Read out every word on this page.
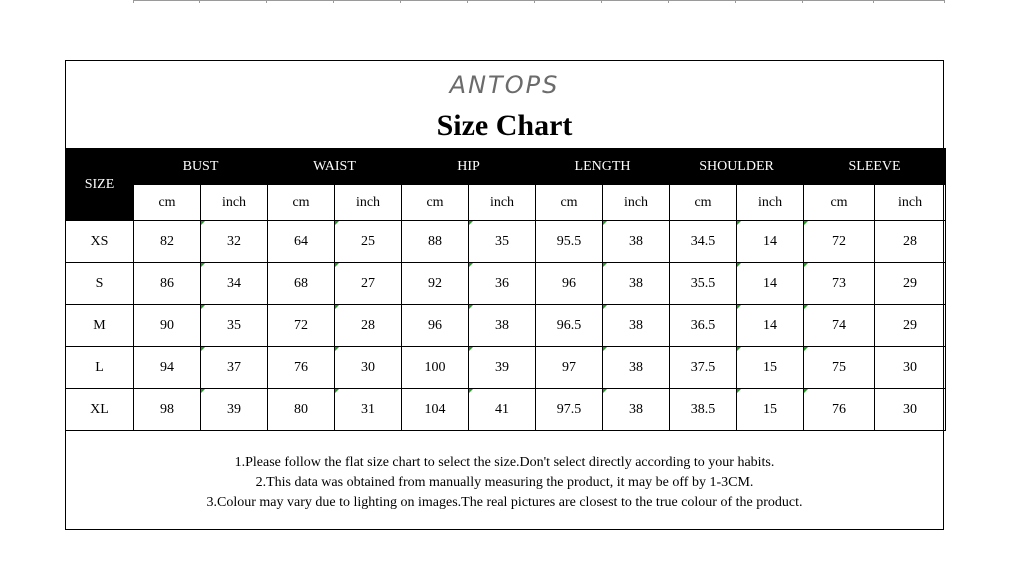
ANTOPS
Size Chart
SIZE	BUST		WAIST		HIP		LENGTH		SHOULDER		SLEEVE	
	cm	inch	cm	inch	cm	inch	cm	inch	cm	inch	cm	inch
XS	82	32	64	25	88	35	95.5	38	34.5	14	72	28
S	86	34	68	27	92	36	96	38	35.5	14	73	29
M	90	35	72	28	96	38	96.5	38	36.5	14	74	29
L	94	37	76	30	100	39	97	38	37.5	15	75	30
XL	98	39	80	31	104	41	97.5	38	38.5	15	76	30
1.Please follow the flat size chart to select the size.Don't select directly according to your habits.
2.This data was obtained from manually measuring the product, it may be off by 1-3CM.
3.Colour may vary due to lighting on images.The real pictures are closest to the true colour of the product.
